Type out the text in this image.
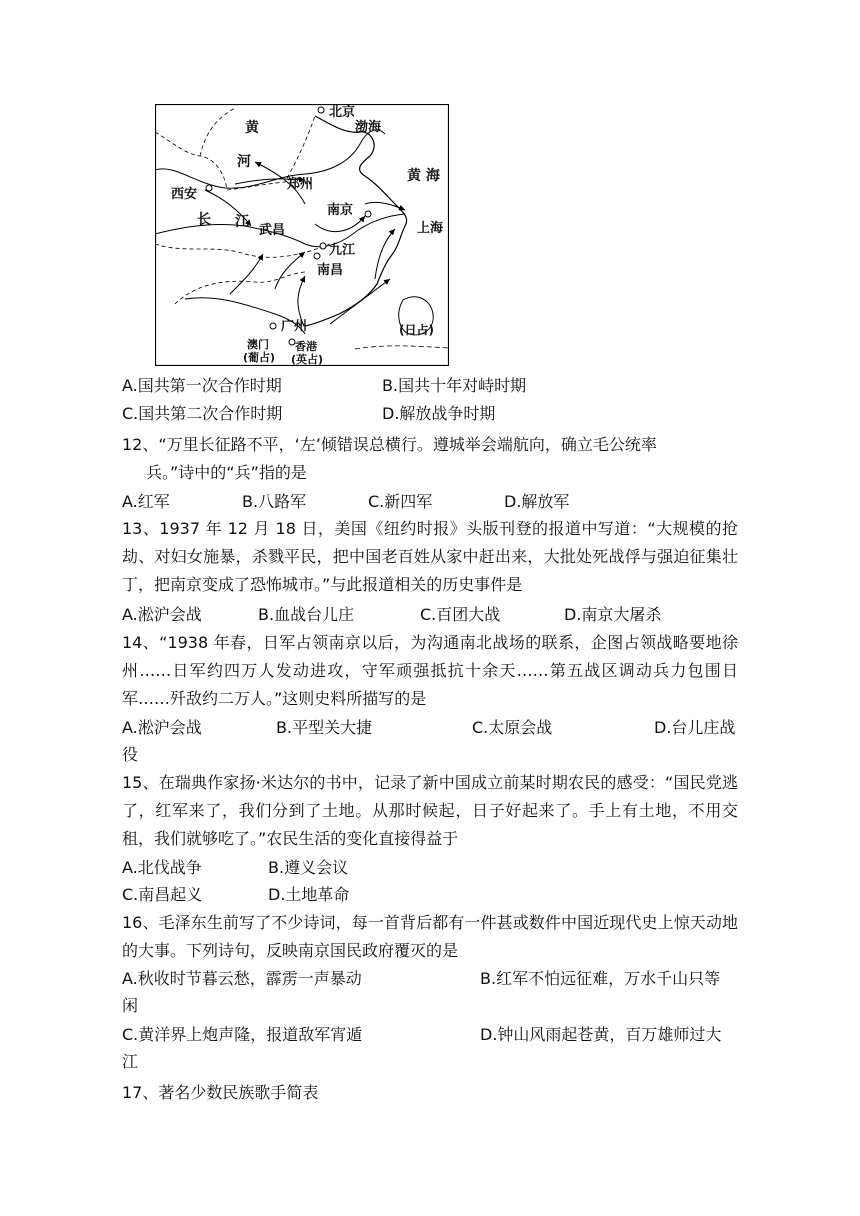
北京
渤海
黄
河
黄 海
西安
郑州
长 江
武昌
南京
上海
九江
南昌
广州
澳门
(葡占)
香港
(英占)
(日占)
A.国共第一次合作时期	B.国共十年对峙时期
C.国共第二次合作时期	D.解放战争时期
12、“万里长征路不平，‘左’倾错误总横行。遵城举会端航向，确立毛公统率
兵。”诗中的“兵”指的是
A.红军	B.八路军	C.新四军	D.解放军
13、1937 年 12 月 18 日，美国《纽约时报》头版刊登的报道中写道：“大规模的抢劫、对妇女施暴，杀戮平民，把中国老百姓从家中赶出来，大批处死战俘与强迫征集壮丁，把南京变成了恐怖城市。”与此报道相关的历史事件是
A.淞沪会战	B.血战台儿庄	C.百团大战	D.南京大屠杀
14、“1938 年春，日军占领南京以后，为沟通南北战场的联系，企图占领战略要地徐州……日军约四万人发动进攻，守军顽强抵抗十余天……第五战区调动兵力包围日军……歼敌约二万人。”这则史料所描写的是
A.淞沪会战	B.平型关大捷	C.太原会战	D.台儿庄战
役
15、在瑞典作家扬·米达尔的书中，记录了新中国成立前某时期农民的感受：“国民党逃了，红军来了，我们分到了土地。从那时候起，日子好起来了。手上有土地，不用交租，我们就够吃了。”农民生活的变化直接得益于
A.北伐战争	B.遵义会议
C.南昌起义	D.土地革命
16、毛泽东生前写了不少诗词，每一首背后都有一件甚或数件中国近现代史上惊天动地的大事。下列诗句，反映南京国民政府覆灭的是
A.秋收时节暮云愁，霹雳一声暴动	B.红军不怕远征难，万水千山只等
闲
C.黄洋界上炮声隆，报道敌军宵遁	D.钟山风雨起苍黄，百万雄师过大
江
17、著名少数民族歌手简表
